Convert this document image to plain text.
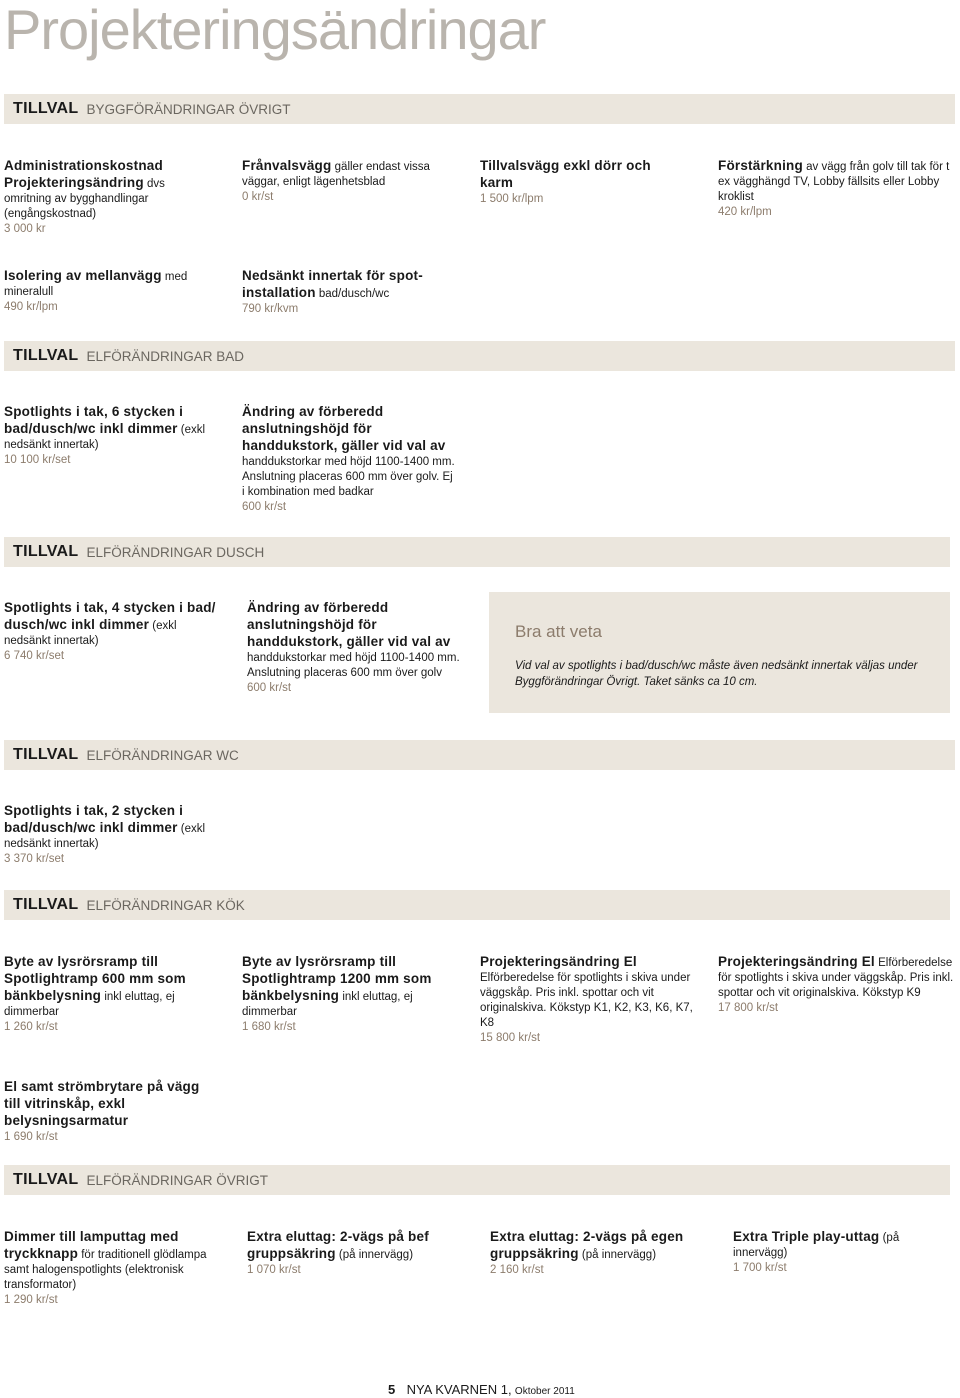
Projekteringsändringar
TILLVAL BYGGFÖRÄNDRINGAR ÖVRIGT
Administrationskostnad Projekteringsändring dvs omritning av bygghandlingar (engångskostnad)
3 000 kr
Frånvalsvägg gäller endast vissa väggar, enligt lägenhetsblad
0 kr/st
Tillvalsvägg exkl dörr och karm
1 500 kr/lpm
Förstärkning av vägg från golv till tak för t ex vägghängd TV, Lobby fällsits eller Lobby kroklist
420 kr/lpm
Isolering av mellanvägg med mineralull
490 kr/lpm
Nedsänkt innertak för spot-installation bad/dusch/wc
790 kr/kvm
TILLVAL ELFÖRÄNDRINGAR BAD
Spotlights i tak, 6 stycken i bad/dusch/wc inkl dimmer (exkl nedsänkt innertak)
10 100 kr/set
Ändring av förberedd anslutningshöjd för handdukstork, gäller vid val av handdukstorkar med höjd 1100-1400 mm. Anslutning placeras 600 mm över golv. Ej i kombination med badkar
600 kr/st
TILLVAL ELFÖRÄNDRINGAR DUSCH
Spotlights i tak, 4 stycken i bad/ dusch/wc inkl dimmer (exkl nedsänkt innertak)
6 740 kr/set
Ändring av förberedd anslutningshöjd för handdukstork, gäller vid val av handdukstorkar med höjd 1100-1400 mm. Anslutning placeras 600 mm över golv
600 kr/st
Bra att veta
Vid val av spotlights i bad/dusch/wc måste även nedsänkt innertak väljas under Byggförändringar Övrigt. Taket sänks ca 10 cm.
TILLVAL ELFÖRÄNDRINGAR WC
Spotlights i tak, 2 stycken i bad/dusch/wc inkl dimmer (exkl nedsänkt innertak)
3 370 kr/set
TILLVAL ELFÖRÄNDRINGAR KÖK
Byte av lysrörsramp till Spotlightramp 600 mm som bänkbelysning inkl eluttag, ej dimmerbar
1 260 kr/st
Byte av lysrörsramp till Spotlightramp 1200 mm som bänkbelysning inkl eluttag, ej dimmerbar
1 680 kr/st
Projekteringsändring El Elförberedelse för spotlights i skiva under väggskåp. Pris inkl. spottar och vit originalskiva. Kökstyp K1, K2, K3, K6, K7, K8
15 800 kr/st
Projekteringsändring El Elförberedelse för spotlights i skiva under väggskåp. Pris inkl. spottar och vit originalskiva. Kökstyp K9
17 800 kr/st
El samt strömbrytare på vägg till vitrinskåp, exkl belysningsarmatur
1 690 kr/st
TILLVAL ELFÖRÄNDRINGAR ÖVRIGT
Dimmer till lamputtag med tryckknapp för traditionell glödlampa samt halogenspotlights (elektronisk transformator)
1 290 kr/st
Extra eluttag: 2-vägs på bef gruppsäkring (på innervägg)
1 070 kr/st
Extra eluttag: 2-vägs på egen gruppsäkring (på innervägg)
2 160 kr/st
Extra Triple play-uttag (på innervägg)
1 700 kr/st
5 NYA KVARNEN 1, Oktober 2011
